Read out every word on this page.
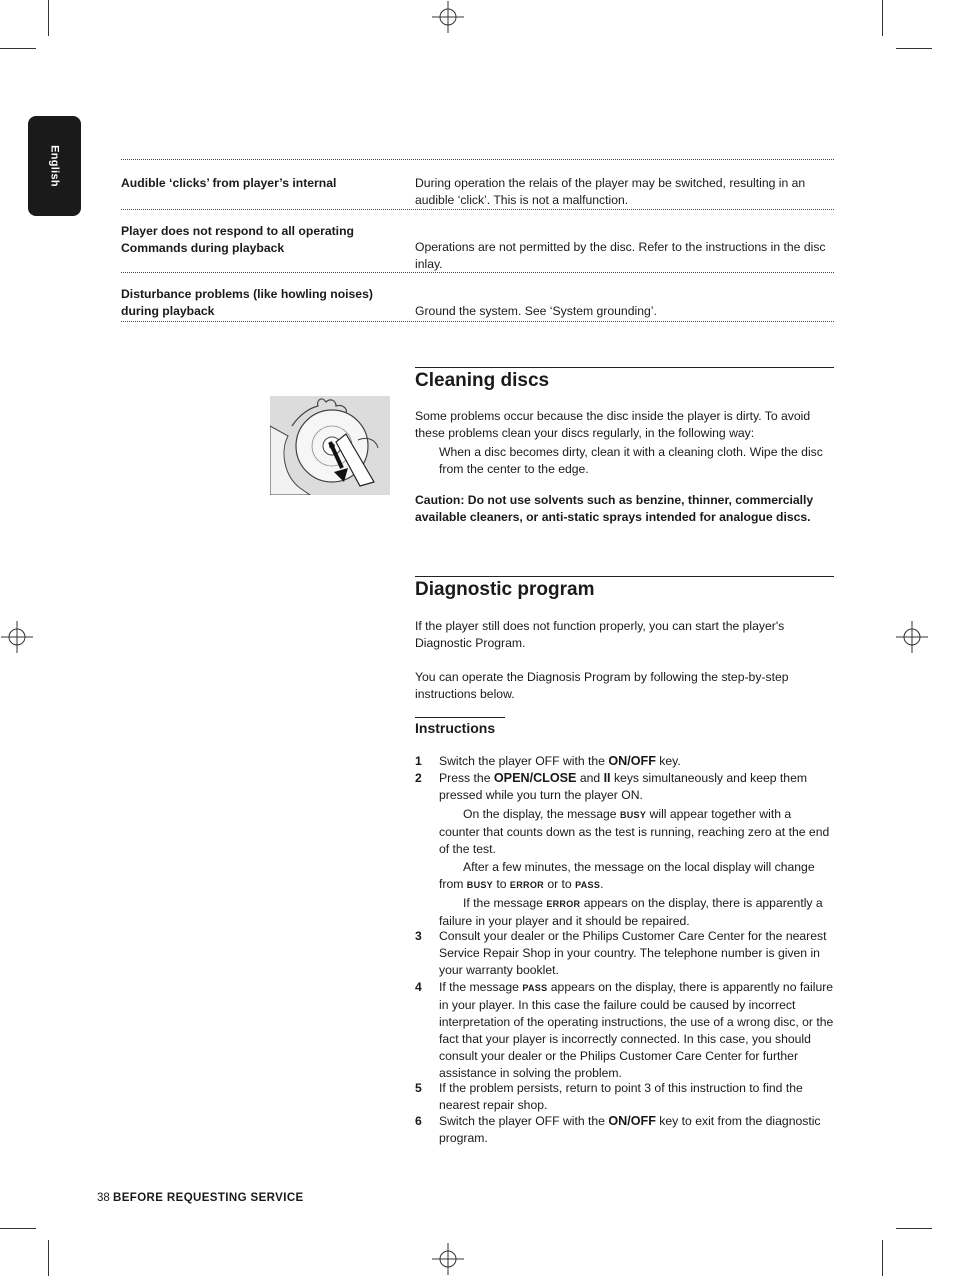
English	Audible ‘clicks’ from player’s internal	During operation the relais of the player may be switched, resulting in an audible ‘click’. This is not a malfunction.
Player does not respond to all operating Commands during playback	Operations are not permitted by the disc. Refer to the instructions in the disc inlay.
Disturbance problems (like howling noises) during playback	Ground the system. See ‘System grounding’.
Cleaning discs
Some problems occur because the disc inside the player is dirty. To avoid these problems clean your discs regularly, in the following way:
When a disc becomes dirty, clean it with a cleaning cloth. Wipe the disc from the center to the edge.
Caution: Do not use solvents such as benzine, thinner, commercially available cleaners, or anti-static sprays intended for analogue discs.
Diagnostic program
If the player still does not function properly, you can start the player's Diagnostic Program.
You can operate the Diagnosis Program by following the step-by-step instructions below.
Instructions
1 Switch the player OFF with the ON/OFF key.
2 Press the OPEN/CLOSE and II keys simultaneously and keep them pressed while you turn the player ON.
On the display, the message BUSY will appear together with a counter that counts down as the test is running, reaching zero at the end of the test.
After a few minutes, the message on the local display will change from BUSY to ERROR or to PASS.
If the message ERROR appears on the display, there is apparently a failure in your player and it should be repaired.
3 Consult your dealer or the Philips Customer Care Center for the nearest Service Repair Shop in your country. The telephone number is given in your warranty booklet.
4 If the message PASS appears on the display, there is apparently no failure in your player. In this case the failure could be caused by incorrect interpretation of the operating instructions, the use of a wrong disc, or the fact that your player is incorrectly connected. In this case, you should consult your dealer or the Philips Customer Care Center for further assistance in solving the problem.
5 If the problem persists, return to point 3 of this instruction to find the nearest repair shop.
6 Switch the player OFF with the ON/OFF key to exit from the diagnostic program.
38 BEFORE REQUESTING SERVICE
